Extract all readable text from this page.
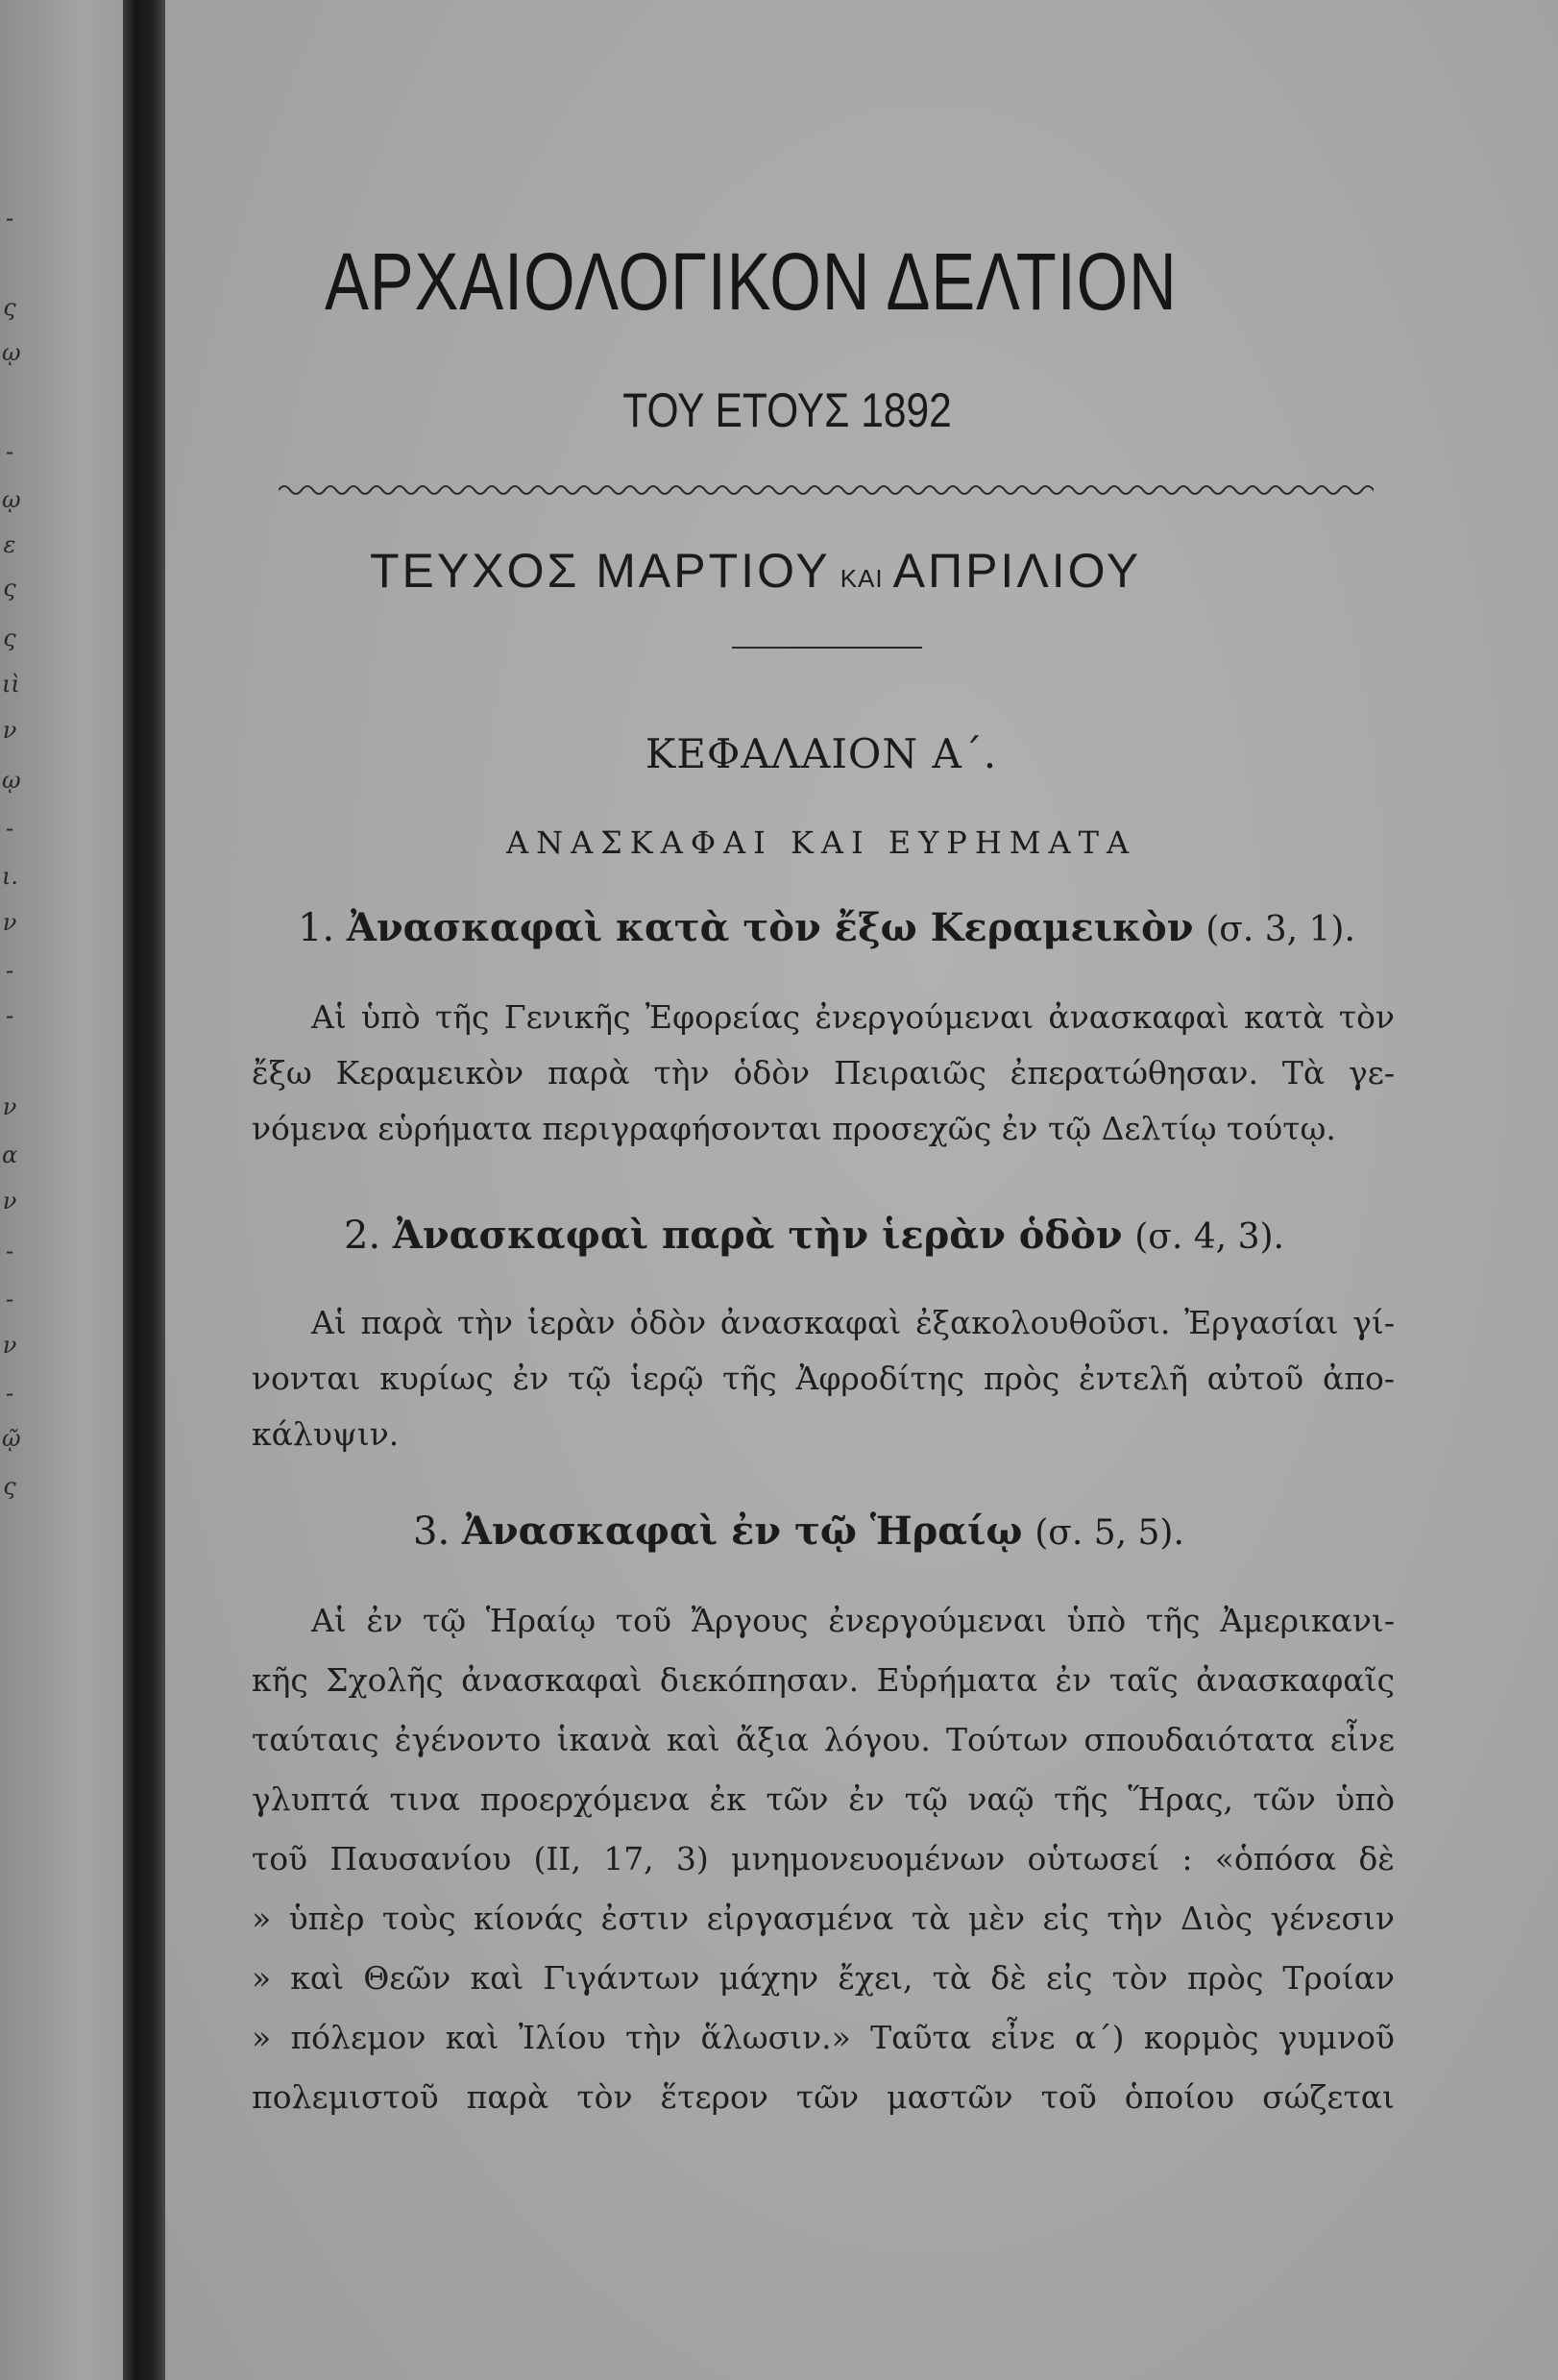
-
ς
ῳ
-
ῳ
ε
ς
ς
ιὶ
ν
ῳ
-
ι.
ν
-
-
ν
α
ν
-
-
ν
-
ῷ
ς
ΑΡΧΑΙΟΛΟΓΙΚΟΝ ΔΕΛΤΙΟΝ
ΤΟΥ ΕΤΟΥΣ 1892
ΤΕΥΧΟΣ ΜΑΡΤΙΟΥ ΚΑΙ ΑΠΡΙΛΙΟΥ
ΚΕΦΑΛΑΙΟΝ Α΄.
ΑΝΑΣΚΑΦΑΙ ΚΑΙ ΕΥΡΗΜΑΤΑ
1. Ἀνασκαφαὶ κατὰ τὸν ἔξω Κεραμεικὸν (σ. 3, 1).
Αἱ ὑπὸ τῆς Γενικῆς Ἐφορείας ἐνεργούμεναι ἀνασκαφαὶ κατὰ τὸν
ἔξω Κεραμεικὸν παρὰ τὴν ὁδὸν Πειραιῶς ἐπερατώθησαν. Τὰ γε-
νόμενα εὑρήματα περιγραφήσονται προσεχῶς ἐν τῷ Δελτίῳ τούτῳ.
2. Ἀνασκαφαὶ παρὰ τὴν ἱερὰν ὁδὸν (σ. 4, 3).
Αἱ παρὰ τὴν ἱερὰν ὁδὸν ἀνασκαφαὶ ἐξακολουθοῦσι. Ἐργασίαι γί-
νονται κυρίως ἐν τῷ ἱερῷ τῆς Ἀφροδίτης πρὸς ἐντελῆ αὐτοῦ ἀπο-
κάλυψιν.
3. Ἀνασκαφαὶ ἐν τῷ Ἡραίῳ (σ. 5, 5).
Αἱ ἐν τῷ Ἡραίῳ τοῦ Ἄργους ἐνεργούμεναι ὑπὸ τῆς Ἀμερικανι-
κῆς Σχολῆς ἀνασκαφαὶ διεκόπησαν. Εὑρήματα ἐν ταῖς ἀνασκαφαῖς
ταύταις ἐγένοντο ἱκανὰ καὶ ἄξια λόγου. Τούτων σπουδαιότατα εἶνε
γλυπτά τινα προερχόμενα ἐκ τῶν ἐν τῷ ναῷ τῆς Ἥρας, τῶν ὑπὸ
τοῦ Παυσανίου (II, 17, 3) μνημονευομένων οὑτωσεί : «ὁπόσα δὲ
» ὑπὲρ τοὺς κίονάς ἐστιν εἰργασμένα τὰ μὲν εἰς τὴν Διὸς γένεσιν
» καὶ Θεῶν καὶ Γιγάντων μάχην ἔχει, τὰ δὲ εἰς τὸν πρὸς Τροίαν
» πόλεμον καὶ Ἰλίου τὴν ἅλωσιν.» Ταῦτα εἶνε α΄) κορμὸς γυμνοῦ
πολεμιστοῦ παρὰ τὸν ἕτερον τῶν μαστῶν τοῦ ὁποίου σώζεται
